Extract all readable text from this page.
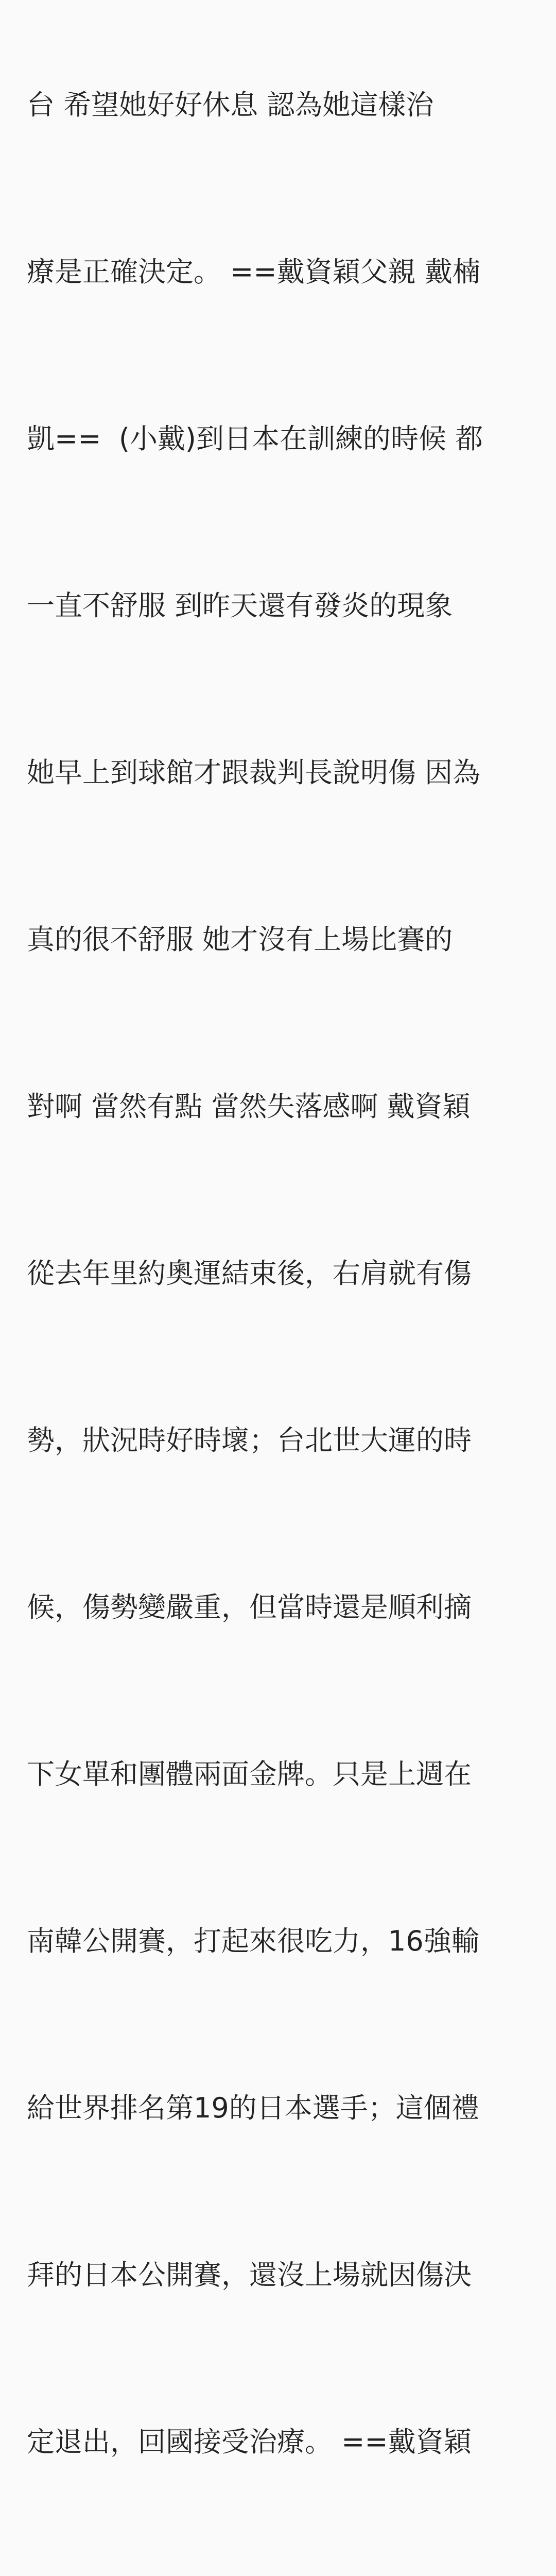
台 希望她好好休息 認為她這樣治

療是正確決定。 ==戴資穎父親 戴楠

凱==  (小戴)到日本在訓練的時候 都

一直不舒服 到昨天還有發炎的現象

她早上到球館才跟裁判長說明傷 因為

真的很不舒服 她才沒有上場比賽的

對啊 當然有點 當然失落感啊 戴資穎

從去年里約奧運結束後，右肩就有傷

勢，狀況時好時壞；台北世大運的時

候，傷勢變嚴重，但當時還是順利摘

下女單和團體兩面金牌。只是上週在

南韓公開賽，打起來很吃力，16強輸

給世界排名第19的日本選手；這個禮

拜的日本公開賽，還沒上場就因傷決

定退出，回國接受治療。 ==戴資穎
